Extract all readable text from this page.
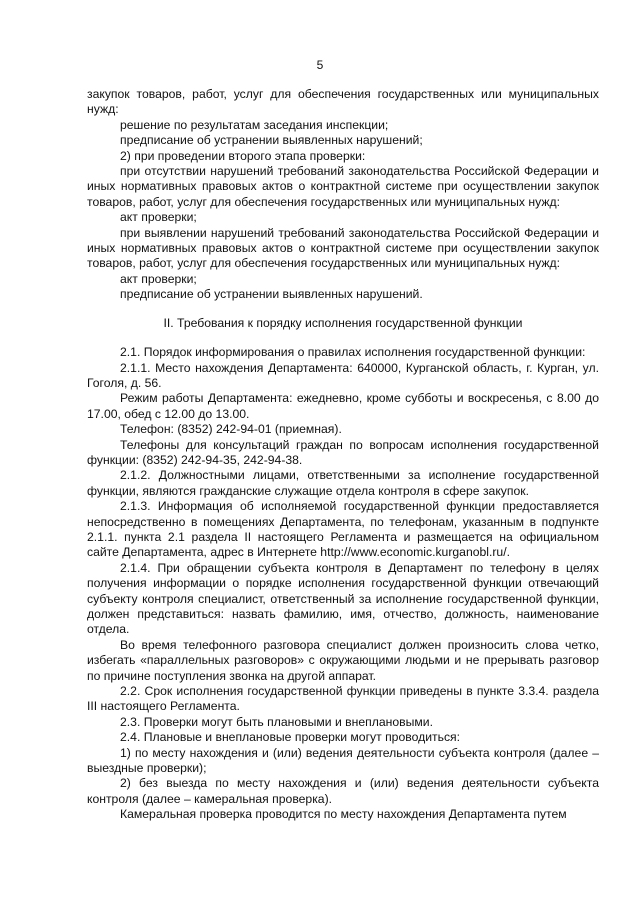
5

закупок товаров, работ, услуг для обеспечения государственных или муниципальных нужд:

решение по результатам заседания инспекции;

предписание об устранении выявленных нарушений;

2) при проведении второго этапа проверки:

при отсутствии нарушений требований законодательства Российской Федерации и иных нормативных правовых актов о контрактной системе при осуществлении закупок товаров, работ, услуг для обеспечения государственных или муниципальных нужд:

акт проверки;

при выявлении нарушений требований законодательства Российской Федерации и иных нормативных правовых актов о контрактной системе при осуществлении закупок товаров, работ, услуг для обеспечения государственных или муниципальных нужд:

акт проверки;

предписание об устранении выявленных нарушений.

II. Требования к порядку исполнения государственной функции

2.1. Порядок информирования о правилах исполнения государственной функции:

2.1.1. Место нахождения Департамента: 640000, Курганской область, г. Курган, ул. Гоголя, д. 56.

Режим работы Департамента: ежедневно, кроме субботы и воскресенья, с 8.00 до 17.00, обед с 12.00 до 13.00.

Телефон: (8352) 242-94-01 (приемная).

Телефоны для консультаций граждан по вопросам исполнения государственной функции: (8352) 242-94-35, 242-94-38.

2.1.2. Должностными лицами, ответственными за исполнение государственной функции, являются гражданские служащие отдела контроля в сфере закупок.

2.1.3. Информация об исполняемой государственной функции предоставляется непосредственно в помещениях Департамента, по телефонам, указанным в подпункте 2.1.1. пункта 2.1 раздела II настоящего Регламента и размещается на официальном сайте Департамента, адрес в Интернете http://www.economic.kurganobl.ru/.

2.1.4. При обращении субъекта контроля в Департамент по телефону в целях получения информации о порядке исполнения государственной функции отвечающий субъекту контроля специалист, ответственный за исполнение государственной функции, должен представиться: назвать фамилию, имя, отчество, должность, наименование отдела.

Во время телефонного разговора специалист должен произносить слова четко, избегать «параллельных разговоров» с окружающими людьми и не прерывать разговор по причине поступления звонка на другой аппарат.

2.2. Срок исполнения государственной функции приведены в пункте 3.3.4. раздела III настоящего Регламента.

2.3. Проверки могут быть плановыми и внеплановыми.

2.4. Плановые и внеплановые проверки могут проводиться:

1) по месту нахождения и (или) ведения деятельности субъекта контроля (далее – выездные проверки);

2) без выезда по месту нахождения и (или) ведения деятельности субъекта контроля (далее – камеральная проверка).

Камеральная проверка проводится по месту нахождения Департамента путем
